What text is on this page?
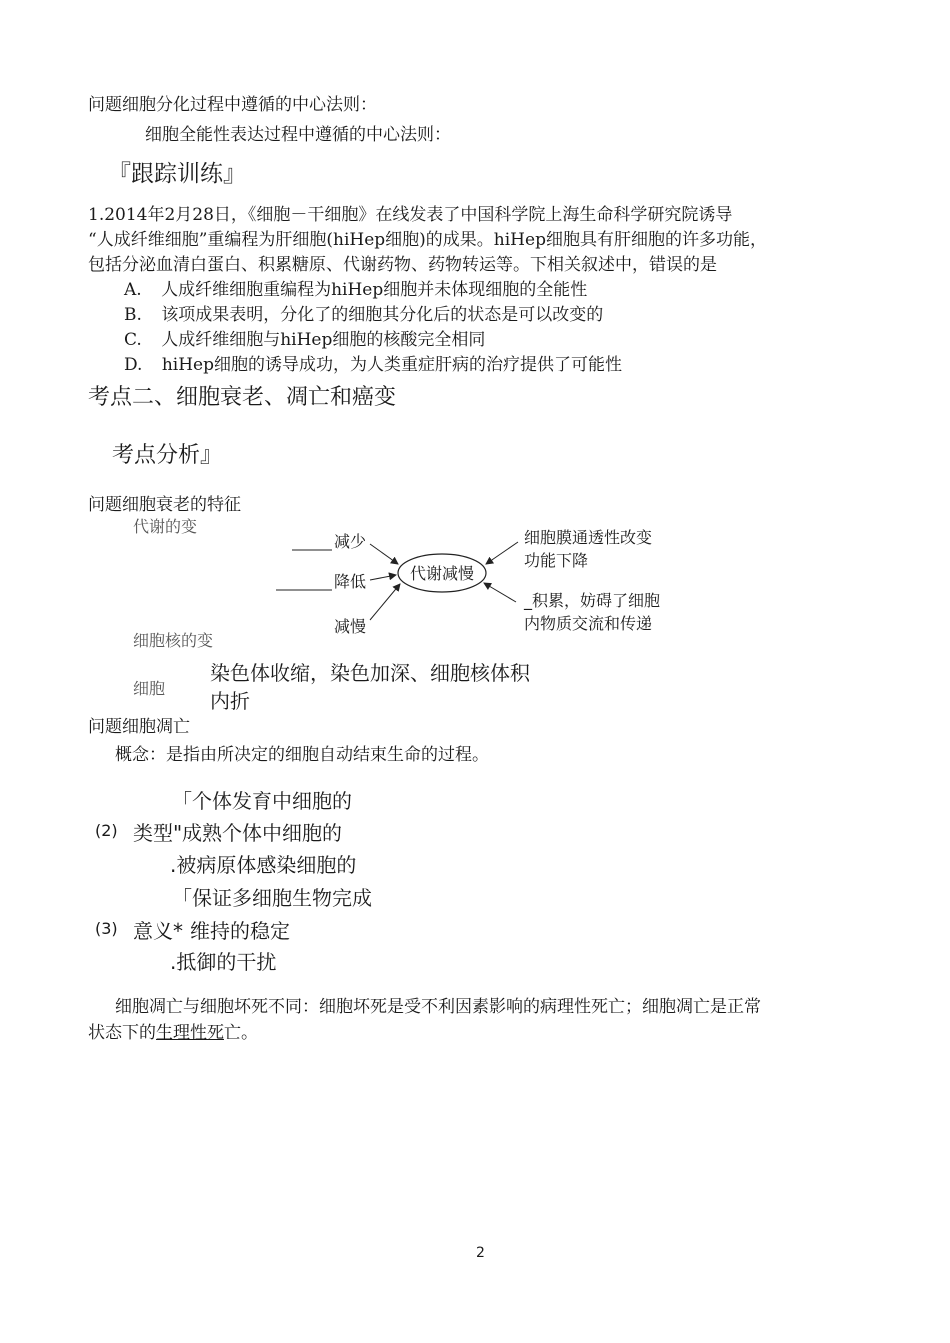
问题细胞分化过程中遵循的中心法则：
细胞全能性表达过程中遵循的中心法则：
『跟踪训练』
1.2014年2月28日，《细胞－干细胞》在线发表了中国科学院上海生命科学研究院诱导
“人成纤维细胞”重编程为肝细胞(hiHep细胞)的成果。hiHep细胞具有肝细胞的许多功能，
包括分泌血清白蛋白、积累糖原、代谢药物、药物转运等。下相关叙述中，错误的是
A. 人成纤维细胞重编程为hiHep细胞并未体现细胞的全能性
B. 该项成果表明，分化了的细胞其分化后的状态是可以改变的
C. 人成纤维细胞与hiHep细胞的核酸完全相同
D. hiHep细胞的诱导成功，为人类重症肝病的治疗提供了可能性
考点二、细胞衰老、凋亡和癌变
考点分析』
问题细胞衰老的特征
代谢的变
减少
降低
减慢
代谢减慢
细胞膜通透性改变
功能下降
_积累，妨碍了细胞
内物质交流和传递
细胞核的变
染色体收缩，染色加深、细胞核体积
细胞
内折
问题细胞凋亡
概念：是指由所决定的细胞自动结束生命的过程。
「个体发育中细胞的
(2) 类型" 成熟个体中细胞的
.被病原体感染细胞的
「保证多细胞生物完成
(3) 意义* 维持的稳定
.抵御的干扰
细胞凋亡与细胞坏死不同：细胞坏死是受不利因素影响的病理性死亡；细胞凋亡是正常
状态下的生理性死亡。
2
